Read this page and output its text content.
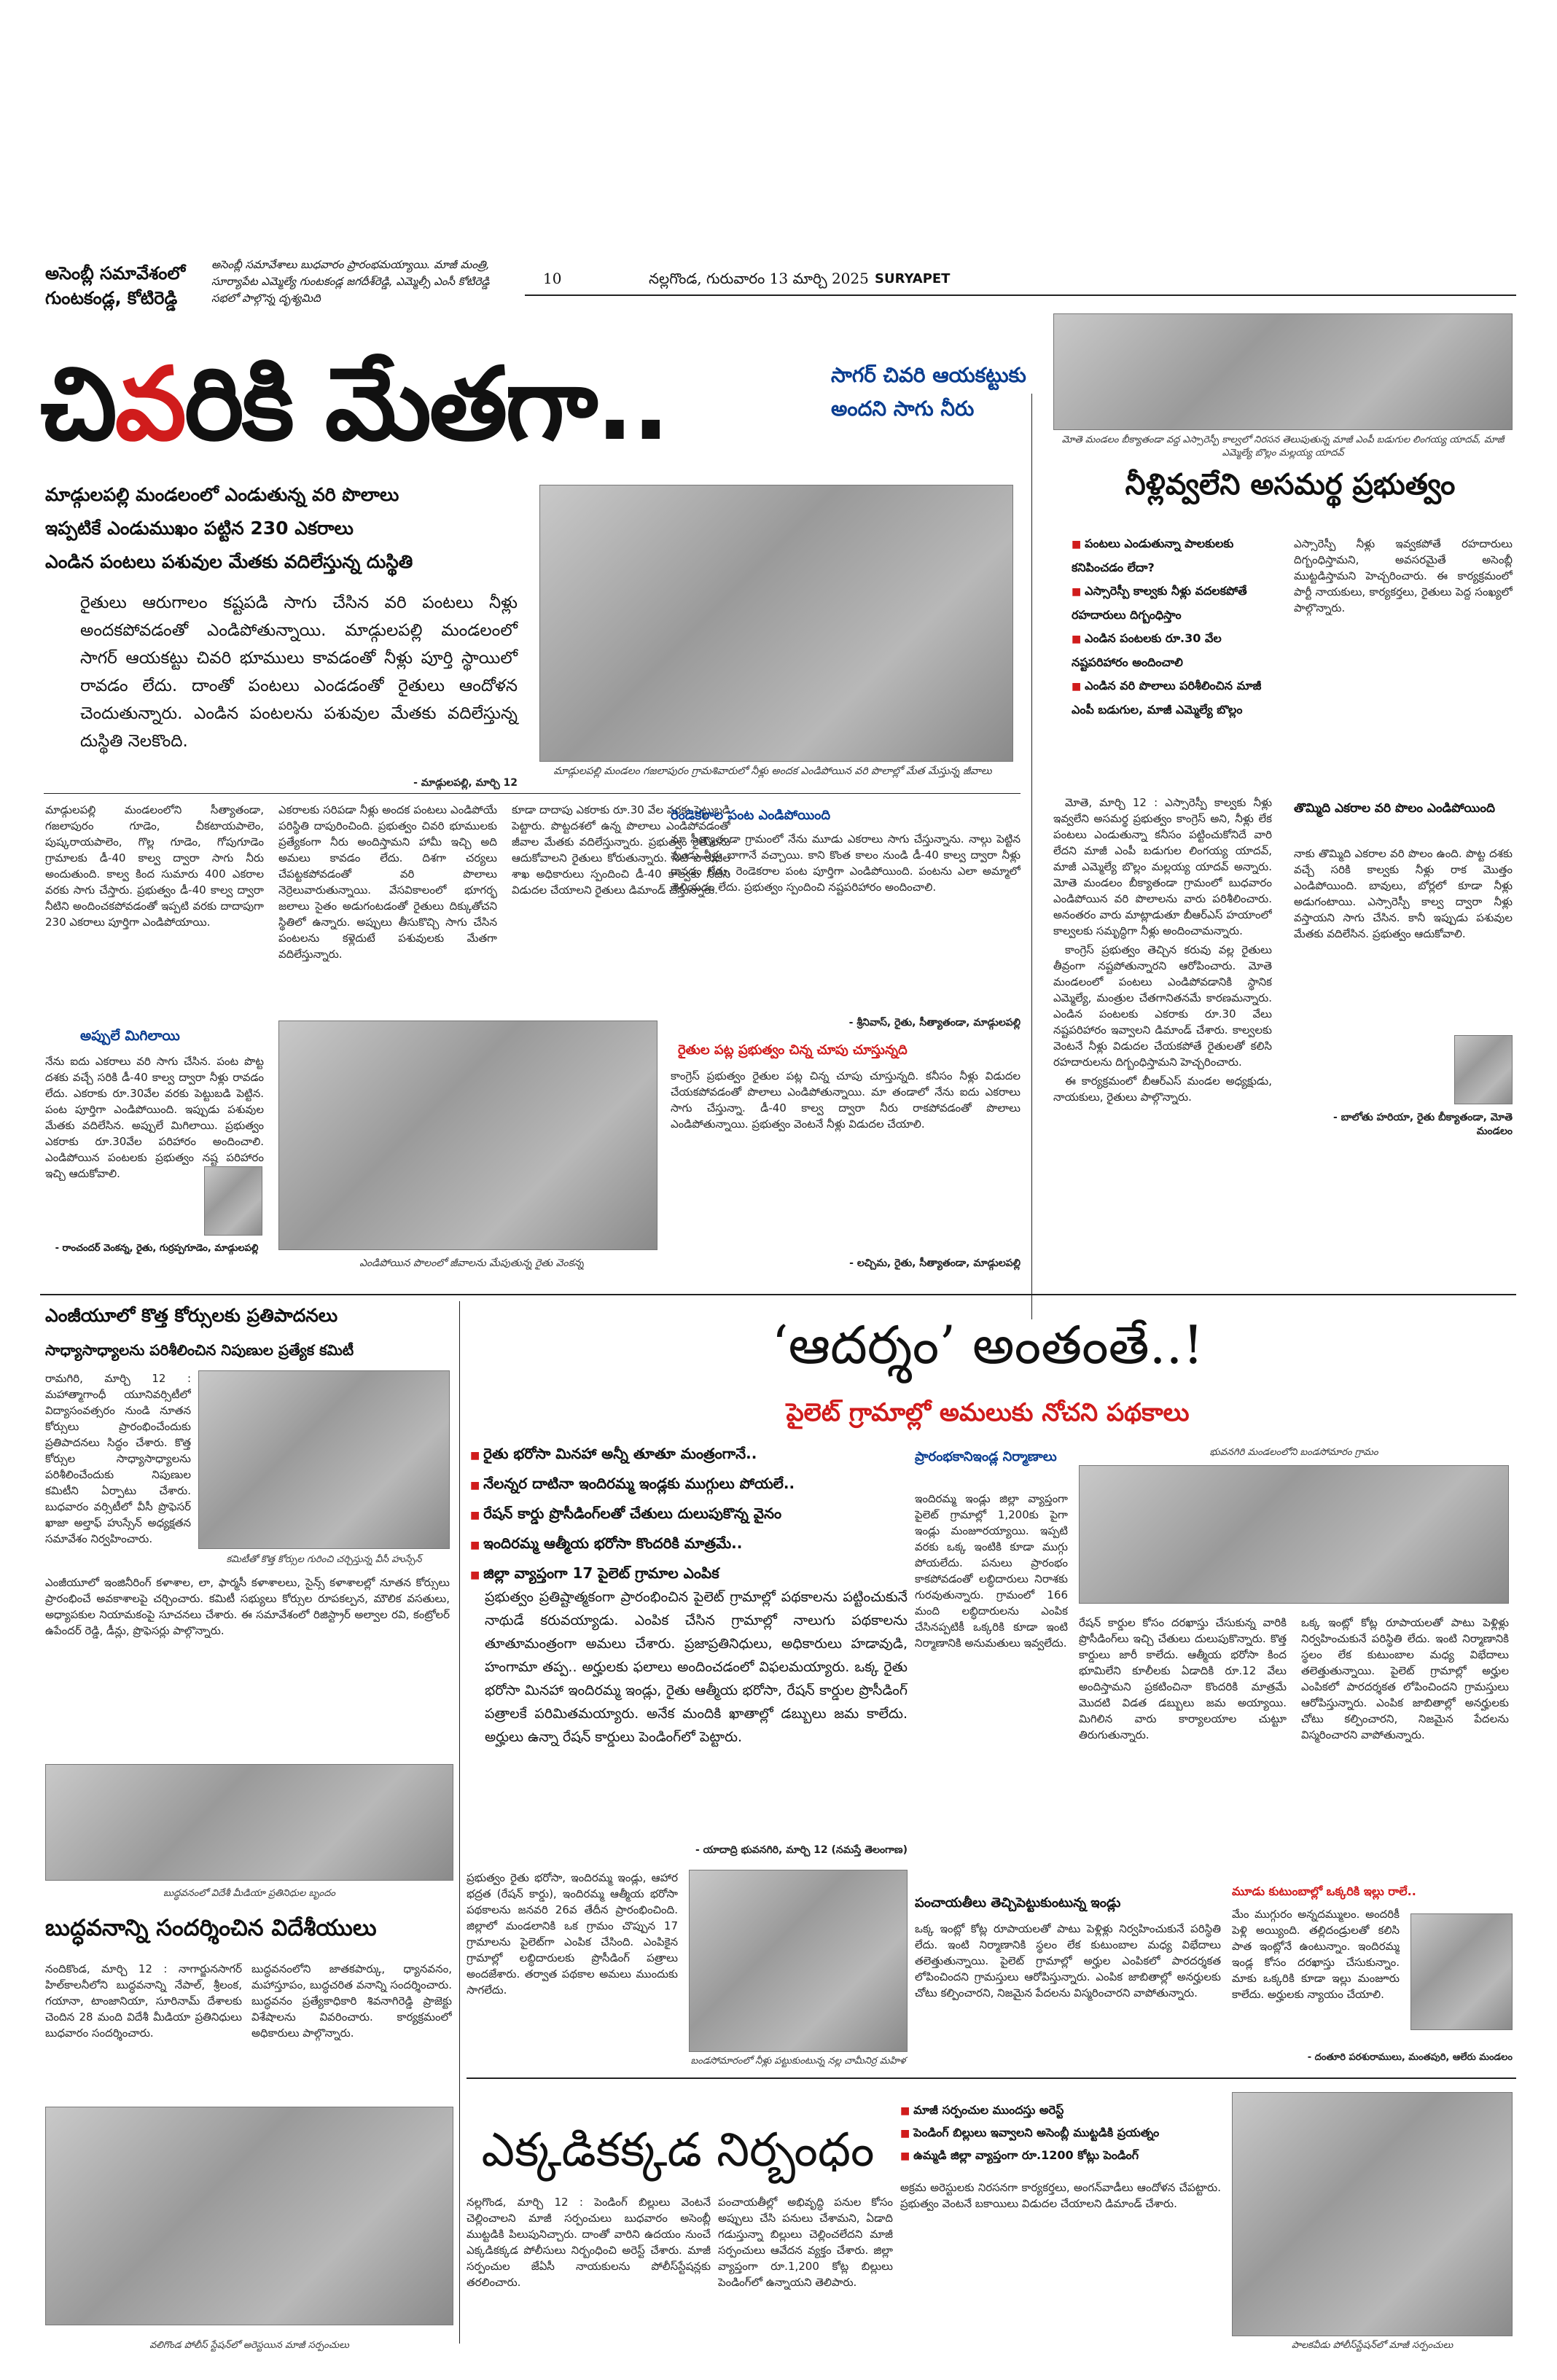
అసెంబ్లీ సమావేశంలో గుంటకండ్ల, కోటిరెడ్డి
అసెంబ్లీ సమావేశాలు బుధవారం ప్రారంభమయ్యాయి. మాజీ మంత్రి, సూర్యాపేట ఎమ్మెల్యే గుంటకండ్ల జగదీశ్‌రెడ్డి, ఎమ్మెల్సీ ఎంసీ కోటిరెడ్డి సభలో పాల్గొన్న దృశ్యమిది
10	నల్లగొండ, గురువారం 13 మార్చి 2025 SURYAPET
చివరికి మేతగా..	సాగర్ చివరి ఆయకట్టుకు అందని సాగు నీరు
మాడ్గులపల్లి మండలంలో ఎండుతున్న వరి పొలాలు
ఇప్పటికే ఎండుముఖం పట్టిన 230 ఎకరాలు
ఎండిన పంటలు పశువుల మేతకు వదిలేస్తున్న దుస్థితి
రైతులు ఆరుగాలం కష్టపడి సాగు చేసిన వరి పంటలు నీళ్లు అందకపోవడంతో ఎండిపోతున్నాయి. మాడ్గులపల్లి మండలంలో సాగర్ ఆయకట్టు చివరి భూములు కావడంతో నీళ్లు పూర్తి స్థాయిలో రావడం లేదు. దాంతో పంటలు ఎండడంతో రైతులు ఆందోళన చెందుతున్నారు. ఎండిన పంటలను పశువుల మేతకు వదిలేస్తున్న దుస్థితి నెలకొంది.
- మాడ్గులపల్లి, మార్చి 12
మాడ్గులపల్లి మండలం గజలాపురం గ్రామశివారులో నీళ్లు అందక ఎండిపోయిన వరి పొలాల్లో మేత మేస్తున్న జీవాలు
మాడ్గులపల్లి మండలంలోని సీత్యాతండా, గజలాపురం గూడెం, చీకటాయపాలెం, పుష్కరాయపాలెం, గొల్ల గూడెం, గోపుగూడెం గ్రామాలకు డీ-40 కాల్వ ద్వారా సాగు నీరు అందుతుంది. కాల్వ కింద సుమారు 400 ఎకరాల వరకు సాగు చేస్తారు. ప్రభుత్వం డీ-40 కాల్వ ద్వారా నీటిని అందించకపోవడంతో ఇప్పటి వరకు దాదాపుగా 230 ఎకరాలు పూర్తిగా ఎండిపోయాయి.
ఎకరాలకు సరిపడా నీళ్లు అందక పంటలు ఎండిపోయే పరిస్థితి దాపురించింది. ప్రభుత్వం చివరి భూములకు ప్రత్యేకంగా నీరు అందిస్తామని హామీ ఇచ్చి అది అమలు కావడం లేదు. దిశగా చర్యలు చేపట్టకపోవడంతో వరి పొలాలు నెర్రెలువారుతున్నాయి. వేసవికాలంలో భూగర్భ జలాలు సైతం అడుగంటడంతో రైతులు దిక్కుతోచని స్థితిలో ఉన్నారు. అప్పులు తీసుకొచ్చి సాగు చేసిన పంటలను కళ్లెదుటే పశువులకు మేతగా వదిలేస్తున్నారు.
కూడా దాదాపు ఎకరాకు రూ.30 వేల వరకు పెట్టుబడి పెట్టారు. పొట్టదశలో ఉన్న పొలాలు ఎండిపోవడంతో జీవాల మేతకు వదిలేస్తున్నారు. ప్రభుత్వం రైతులను ఆదుకోవాలని రైతులు కోరుతున్నారు. నీటి పారుదల శాఖ అధికారులు స్పందించి డీ-40 కాల్వకు నీటిని విడుదల చేయాలని రైతులు డిమాండ్ చేస్తున్నారు.
అప్పులే మిగిలాయి
నేను ఐదు ఎకరాలు వరి సాగు చేసిన. పంట పొట్ట దశకు వచ్చే సరికి డీ-40 కాల్వ ద్వారా నీళ్లు రావడం లేదు. ఎకరాకు రూ.30వేల వరకు పెట్టుబడి పెట్టిన. పంట పూర్తిగా ఎండిపోయింది. ఇప్పుడు పశువుల మేతకు వదిలేసిన. అప్పులే మిగిలాయి. ప్రభుత్వం ఎకరాకు రూ.30వేల పరిహారం అందించాలి. ఎండిపోయిన పంటలకు ప్రభుత్వం నష్ట పరిహారం ఇచ్చి ఆదుకోవాలి.
- రాంచందర్ వెంకన్న, రైతు, గుర్రప్పగూడెం, మాడ్గులపల్లి
ఎండిపోయిన పొలంలో జీవాలను మేపుతున్న రైతు వెంకన్న
రెండెకరాల పంట ఎండిపోయింది
మా సీత్యాతండా గ్రామంలో నేను మూడు ఎకరాలు సాగు చేస్తున్నాను. నాల్గు పెట్టిన పుండు నీళ్లు బాగానే వచ్చాయి. కాని కొంత కాలం నుండి డీ-40 కాల్వ ద్వారా నీళ్లు రావడం లేదు. రెండెకరాల పంట పూర్తిగా ఎండిపోయింది. పంటను ఎలా అమ్మాలో తెలియడం లేదు. ప్రభుత్వం స్పందించి నష్టపరిహారం అందించాలి.
- శ్రీనివాస్, రైతు, సీత్యాతండా, మాడ్గులపల్లి
రైతుల పట్ల ప్రభుత్వం చిన్న చూపు చూస్తున్నది
కాంగ్రెస్ ప్రభుత్వం రైతుల పట్ల చిన్న చూపు చూస్తున్నది. కనీసం నీళ్లు విడుదల చేయకపోవడంతో పొలాలు ఎండిపోతున్నాయి. మా తండాలో నేను ఐదు ఎకరాలు సాగు చేస్తున్నా. డీ-40 కాల్వ ద్వారా నీరు రాకపోవడంతో పొలాలు ఎండిపోతున్నాయి. ప్రభుత్వం వెంటనే నీళ్లు విడుదల చేయాలి.
- లచ్చిమ, రైతు, సీత్యాతండా, మాడ్గులపల్లి
మోతె మండలం బీక్యాతండా వద్ద ఎస్సారెస్పీ కాల్వలో నిరసన తెలుపుతున్న మాజీ ఎంపీ బడుగుల లింగయ్య యాదవ్, మాజీ ఎమ్మెల్యే బొల్లం మల్లయ్య యాదవ్
నీళ్లివ్వలేని అసమర్థ ప్రభుత్వం
■ పంటలు ఎండుతున్నా పాలకులకు కనిపించడం లేదా?
■ ఎస్సారెస్పీ కాల్వకు నీళ్లు వదలకపోతే రహదారులు దిగ్బంధిస్తాం
■ ఎండిన పంటలకు రూ.30 వేల నష్టపరిహారం అందించాలి
■ ఎండిన వరి పొలాలు పరిశీలించిన మాజీ ఎంపీ బడుగుల, మాజీ ఎమ్మెల్యే బొల్లం
ఎస్సారెస్పీ నీళ్లు ఇవ్వకపోతే రహదారులు దిగ్బంధిస్తామని, అవసరమైతే అసెంబ్లీ ముట్టడిస్తామని హెచ్చరించారు. ఈ కార్యక్రమంలో పార్టీ నాయకులు, కార్యకర్తలు, రైతులు పెద్ద సంఖ్యలో పాల్గొన్నారు.

మోతె, మార్చి 12 : ఎస్సారెస్పీ కాల్వకు నీళ్లు ఇవ్వలేని అసమర్థ ప్రభుత్వం కాంగ్రెస్ అని, నీళ్లు లేక పంటలు ఎండుతున్నా కనీసం పట్టించుకోనిదే వారి లేదని మాజీ ఎంపీ బడుగుల లింగయ్య యాదవ్, మాజీ ఎమ్మెల్యే బొల్లం మల్లయ్య యాదవ్ అన్నారు. మోతె మండలం బీక్యాతండా గ్రామంలో బుధవారం ఎండిపోయిన వరి పొలాలను వారు పరిశీలించారు. అనంతరం వారు మాట్లాడుతూ బీఆర్ఎస్ హయాంలో కాల్వలకు సమృద్ధిగా నీళ్లు అందించామన్నారు.

కాంగ్రెస్ ప్రభుత్వం తెచ్చిన కరువు వల్ల రైతులు తీవ్రంగా నష్టపోతున్నారని ఆరోపించారు. మోతె మండలంలో పంటలు ఎండిపోవడానికి స్థానిక ఎమ్మెల్యే, మంత్రుల చేతగానితనమే కారణమన్నారు. ఎండిన పంటలకు ఎకరాకు రూ.30 వేలు నష్టపరిహారం ఇవ్వాలని డిమాండ్ చేశారు. కాల్వలకు వెంటనే నీళ్లు విడుదల చేయకపోతే రైతులతో కలిసి రహదారులను దిగ్బంధిస్తామని హెచ్చరించారు.

ఈ కార్యక్రమంలో బీఆర్ఎస్ మండల అధ్యక్షుడు, నాయకులు, రైతులు పాల్గొన్నారు.

తొమ్మిది ఎకరాల వరి పొలం ఎండిపోయింది
నాకు తొమ్మిది ఎకరాల వరి పొలం ఉంది. పొట్ట దశకు వచ్చే సరికి కాల్వకు నీళ్లు రాక మొత్తం ఎండిపోయింది. బావులు, బోర్లలో కూడా నీళ్లు అడుగంటాయి. ఎస్సారెస్పీ కాల్వ ద్వారా నీళ్లు వస్తాయని సాగు చేసిన. కానీ ఇప్పుడు పశువుల మేతకు వదిలేసిన. ప్రభుత్వం ఆదుకోవాలి.
- బాలోతు హరియా, రైతు బీక్యాతండా, మోతె మండలం
ఎంజీయూలో కొత్త కోర్సులకు ప్రతిపాదనలు
సాధ్యాసాధ్యాలను పరిశీలించిన నిపుణుల ప్రత్యేక కమిటీ
రామగిరి, మార్చి 12 : మహాత్మాగాంధీ యూనివర్సిటీలో విద్యాసంవత్సరం నుండి నూతన కోర్సులు ప్రారంభించేందుకు ప్రతిపాదనలు సిద్ధం చేశారు. కొత్త కోర్సుల సాధ్యాసాధ్యాలను పరిశీలించేందుకు నిపుణుల కమిటీని ఏర్పాటు చేశారు. బుధవారం వర్సిటీలో వీసీ ప్రొఫెసర్ ఖాజా అల్తాఫ్ హుస్సేన్ అధ్యక్షతన సమావేశం నిర్వహించారు.
కమిటీతో కొత్త కోర్సుల గురించి చర్చిస్తున్న వీసీ హుస్సేన్
ఎంజీయూలో ఇంజినీరింగ్ కళాశాల, లా, ఫార్మసీ కళాశాలలు, సైన్స్ కళాశాలల్లో నూతన కోర్సులు ప్రారంభించే అవకాశాలపై చర్చించారు. కమిటీ సభ్యులు కోర్సుల రూపకల్పన, మౌలిక వసతులు, అధ్యాపకుల నియామకంపై సూచనలు చేశారు. ఈ సమావేశంలో రిజిస్ట్రార్ అల్వాల రవి, కంట్రోలర్ ఉపేందర్ రెడ్డి, డీన్లు, ప్రొఫెసర్లు పాల్గొన్నారు.
‘ఆదర్శం’ అంతంతే..!
పైలెట్ గ్రామాల్లో అమలుకు నోచని పథకాలు
■ రైతు భరోసా మినహా అన్నీ తూతూ మంత్రంగానే..
■ నేలన్నర దాటినా ఇందిరమ్మ ఇండ్లకు ముగ్గులు పోయలే..
■ రేషన్ కార్డు ప్రొసీడింగ్‌లతో చేతులు దులుపుకొన్న వైనం
■ ఇందిరమ్మ ఆత్మీయ భరోసా కొందరికి మాత్రమే..
■ జిల్లా వ్యాప్తంగా 17 పైలెట్ గ్రామాల ఎంపిక
ప్రభుత్వం ప్రతిష్టాత్మకంగా ప్రారంభించిన పైలెట్ గ్రామాల్లో పథకాలను పట్టించుకునే నాథుడే కరువయ్యాడు. ఎంపిక చేసిన గ్రామాల్లో నాలుగు పథకాలను తూతూమంత్రంగా అమలు చేశారు. ప్రజాప్రతినిధులు, అధికారులు హడావుడి, హంగామా తప్ప.. అర్హులకు ఫలాలు అందించడంలో విఫలమయ్యారు. ఒక్క రైతు భరోసా మినహా ఇందిరమ్మ ఇండ్లు, రైతు ఆత్మీయ భరోసా, రేషన్ కార్డుల ప్రొసీడింగ్ పత్రాలకే పరిమితమయ్యారు. అనేక మందికి ఖాతాల్లో డబ్బులు జమ కాలేదు. అర్హులు ఉన్నా రేషన్ కార్డులు పెండింగ్‌లో పెట్టారు.
- యాదాద్రి భువనగిరి, మార్చి 12 (నమస్తే తెలంగాణ)
ప్రారంభకానిఇండ్ల నిర్మాణాలు
ఇందిరమ్మ ఇండ్లు జిల్లా వ్యాప్తంగా పైలెట్ గ్రామాల్లో 1,200కు పైగా ఇండ్లు మంజూరయ్యాయి. ఇప్పటి వరకు ఒక్క ఇంటికి కూడా ముగ్గు పోయలేదు. పనులు ప్రారంభం కాకపోవడంతో లబ్ధిదారులు నిరాశకు గురవుతున్నారు. గ్రామంలో 166 మంది లబ్ధిదారులను ఎంపిక చేసినప్పటికీ ఒక్కరికి కూడా ఇంటి నిర్మాణానికి అనుమతులు ఇవ్వలేదు.
భువనగిరి మండలంలోని బండసోమారం గ్రామం
రేషన్ కార్డుల కోసం దరఖాస్తు చేసుకున్న వారికి ప్రొసీడింగ్‌లు ఇచ్చి చేతులు దులుపుకొన్నారు. కొత్త కార్డులు జారీ కాలేదు. ఆత్మీయ భరోసా కింద భూమిలేని కూలీలకు ఏడాదికి రూ.12 వేలు అందిస్తామని ప్రకటించినా కొందరికి మాత్రమే మొదటి విడత డబ్బులు జమ అయ్యాయి. మిగిలిన వారు కార్యాలయాల చుట్టూ తిరుగుతున్నారు.
ఒక్క ఇంట్లో కోట్ల రూపాయలతో పాటు పెళ్లిళ్లు నిర్వహించుకునే పరిస్థితి లేదు. ఇంటి నిర్మాణానికి స్థలం లేక కుటుంబాల మధ్య విభేదాలు తలెత్తుతున్నాయి. పైలెట్ గ్రామాల్లో అర్హుల ఎంపికలో పారదర్శకత లోపించిందని గ్రామస్తులు ఆరోపిస్తున్నారు. ఎంపిక జాబితాల్లో అనర్హులకు చోటు కల్పించారని, నిజమైన పేదలను విస్మరించారని వాపోతున్నారు.
ప్రభుత్వం రైతు భరోసా, ఇందిరమ్మ ఇండ్లు, ఆహార భద్రత (రేషన్ కార్డు), ఇందిరమ్మ ఆత్మీయ భరోసా పథకాలను జనవరి 26వ తేదీన ప్రారంభించింది. జిల్లాలో మండలానికి ఒక గ్రామం చొప్పున 17 గ్రామాలను పైలెట్‌గా ఎంపిక చేసింది. ఎంపికైన గ్రామాల్లో లబ్ధిదారులకు ప్రొసీడింగ్ పత్రాలు అందజేశారు. తర్వాత పథకాల అమలు ముందుకు సాగలేదు.
బండసోమారంలో నీళ్లు పట్టుకుంటున్న నల్ల చామీనిర్ర మహిళ
పంచాయతీలు తెచ్చిపెట్టుకుంటున్న ఇండ్లు
ఒక్క ఇంట్లో కోట్ల రూపాయలతో పాటు పెళ్లిళ్లు నిర్వహించుకునే పరిస్థితి లేదు. ఇంటి నిర్మాణానికి స్థలం లేక కుటుంబాల మధ్య విభేదాలు తలెత్తుతున్నాయి. పైలెట్ గ్రామాల్లో అర్హుల ఎంపికలో పారదర్శకత లోపించిందని గ్రామస్తులు ఆరోపిస్తున్నారు. ఎంపిక జాబితాల్లో అనర్హులకు చోటు కల్పించారని, నిజమైన పేదలను విస్మరించారని వాపోతున్నారు.
మూడు కుటుంబాల్లో ఒక్కరికి ఇల్లు రాలే..
మేం ముగ్గురం అన్నదమ్ములం. అందరికీ పెళ్లి అయ్యింది. తల్లిదండ్రులతో కలిసి పాత ఇంట్లోనే ఉంటున్నాం. ఇందిరమ్మ ఇండ్ల కోసం దరఖాస్తు చేసుకున్నాం. మాకు ఒక్కరికి కూడా ఇల్లు మంజూరు కాలేదు. అర్హులకు న్యాయం చేయాలి.
- దంతూరి పరశురాములు, మంతపురి, ఆలేరు మండలం
బుద్ధవనంలో విదేశీ మీడియా ప్రతినిధుల బృందం
బుద్ధవనాన్ని సందర్శించిన విదేశీయులు
నందికొండ, మార్చి 12 : నాగార్జునసాగర్ హిల్‌కాలనీలోని బుద్ధవనాన్ని నేపాల్, శ్రీలంక, గయానా, టాంజానియా, సూరినామ్ దేశాలకు చెందిన 28 మంది విదేశీ మీడియా ప్రతినిధులు బుధవారం సందర్శించారు.
బుద్ధవనంలోని జాతకపార్కు, ధ్యానవనం, మహాస్తూపం, బుద్ధచరిత వనాన్ని సందర్శించారు. బుద్ధవనం ప్రత్యేకాధికారి శివనాగిరెడ్డి ప్రాజెక్టు విశేషాలను వివరించారు. కార్యక్రమంలో అధికారులు పాల్గొన్నారు.
ఎక్కడికక్కడ నిర్బంధం
■ మాజీ సర్పంచుల ముందస్తు అరెస్ట్
■ పెండింగ్ బిల్లులు ఇవ్వాలని అసెంబ్లీ ముట్టడికి ప్రయత్నం
■ ఉమ్మడి జిల్లా వ్యాప్తంగా రూ.1200 కోట్లు పెండింగ్
పాలకవీడు పోలీస్‌స్టేషన్‌లో మాజీ సర్పంచులు
వలిగొండ పోలీస్ స్టేషన్‌లో అరెస్టయిన మాజీ సర్పంచులు
నల్లగొండ, మార్చి 12 : పెండింగ్ బిల్లులు వెంటనే చెల్లించాలని మాజీ సర్పంచులు బుధవారం అసెంబ్లీ ముట్టడికి పిలుపునిచ్చారు. దాంతో వారిని ఉదయం నుంచే ఎక్కడికక్కడ పోలీసులు నిర్బంధించి అరెస్ట్ చేశారు. మాజీ సర్పంచుల జేఏసీ నాయకులను పోలీస్‌స్టేషన్లకు తరలించారు.
పంచాయతీల్లో అభివృద్ధి పనుల కోసం అప్పులు చేసి పనులు చేశామని, ఏడాది గడుస్తున్నా బిల్లులు చెల్లించలేదని మాజీ సర్పంచులు ఆవేదన వ్యక్తం చేశారు. జిల్లా వ్యాప్తంగా రూ.1,200 కోట్ల బిల్లులు పెండింగ్‌లో ఉన్నాయని తెలిపారు.
అక్రమ అరెస్టులకు నిరసనగా కార్యకర్తలు, అంగన్‌వాడీలు ఆందోళన చేపట్టారు. ప్రభుత్వం వెంటనే బకాయిలు విడుదల చేయాలని డిమాండ్ చేశారు.
